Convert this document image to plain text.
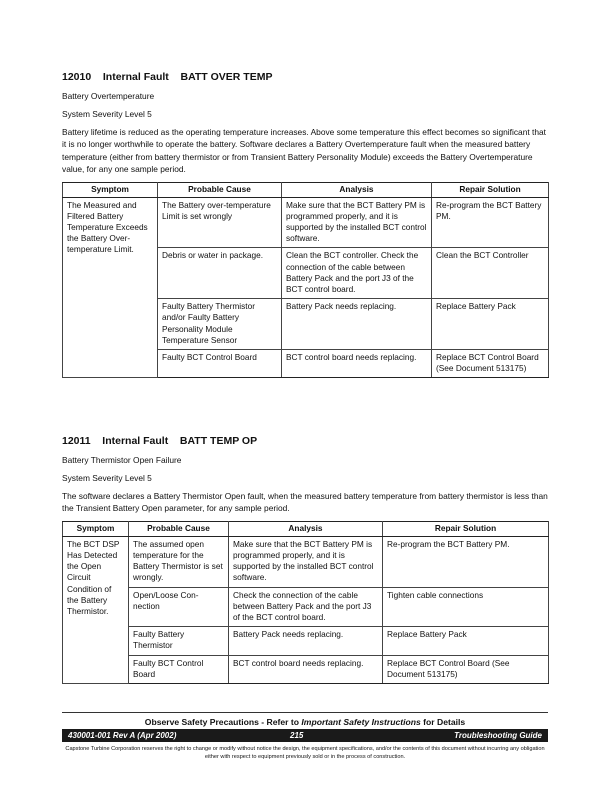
12010 Internal Fault BATT OVER TEMP

Battery Overtemperature

System Severity Level 5

Battery lifetime is reduced as the operating temperature increases. Above some temperature this effect becomes so significant that it is no longer worthwhile to operate the battery. Software declares a Battery Overtemperature fault when the measured battery temperature (either from battery thermistor or from Transient Battery Personality Module) exceeds the Battery Overtemperature value, for any one sample period.

Symptom	Probable Cause	Analysis	Repair Solution
The Measured and Filtered Battery Temperature Exceeds the Battery Over-temperature Limit.	The Battery over-temperature Limit is set wrongly	Make sure that the BCT Battery PM is programmed properly, and it is supported by the installed BCT control software.	Re-program the BCT Battery PM.
	Debris or water in package.	Clean the BCT controller. Check the connection of the cable between Battery Pack and the port J3 of the BCT control board.	Clean the BCT Controller
	Faulty Battery Thermistor and/or Faulty Battery Personality Module Temperature Sensor	Battery Pack needs replacing.	Replace Battery Pack
	Faulty BCT Control Board	BCT control board needs replacing.	Replace BCT Control Board (See Document 513175)
12011 Internal Fault BATT TEMP OP

Battery Thermistor Open Failure

System Severity Level 5

The software declares a Battery Thermistor Open fault, when the measured battery temperature from battery thermistor is less than the Transient Battery Open parameter, for any sample period.

Symptom	Probable Cause	Analysis	Repair Solution
The BCT DSP Has Detected the Open Circuit Condition of the Battery Thermistor.	The assumed open temperature for the Battery Thermistor is set wrongly.	Make sure that the BCT Battery PM is programmed properly, and it is supported by the installed BCT control software.	Re-program the BCT Battery PM.
	Open/Loose Con-nection	Check the connection of the cable between Battery Pack and the port J3 of the BCT control board.	Tighten cable connections
	Faulty Battery Thermistor	Battery Pack needs replacing.	Replace Battery Pack
	Faulty BCT Control Board	BCT control board needs replacing.	Replace BCT Control Board (See Document 513175)
Observe Safety Precautions - Refer to Important Safety Instructions for Details
430001-001 Rev A (Apr 2002)	215	Troubleshooting Guide
Capstone Turbine Corporation reserves the right to change or modify without notice the design, the equipment specifications, and/or the contents of this document without incurring any obligation either with respect to equipment previously sold or in the process of construction.
